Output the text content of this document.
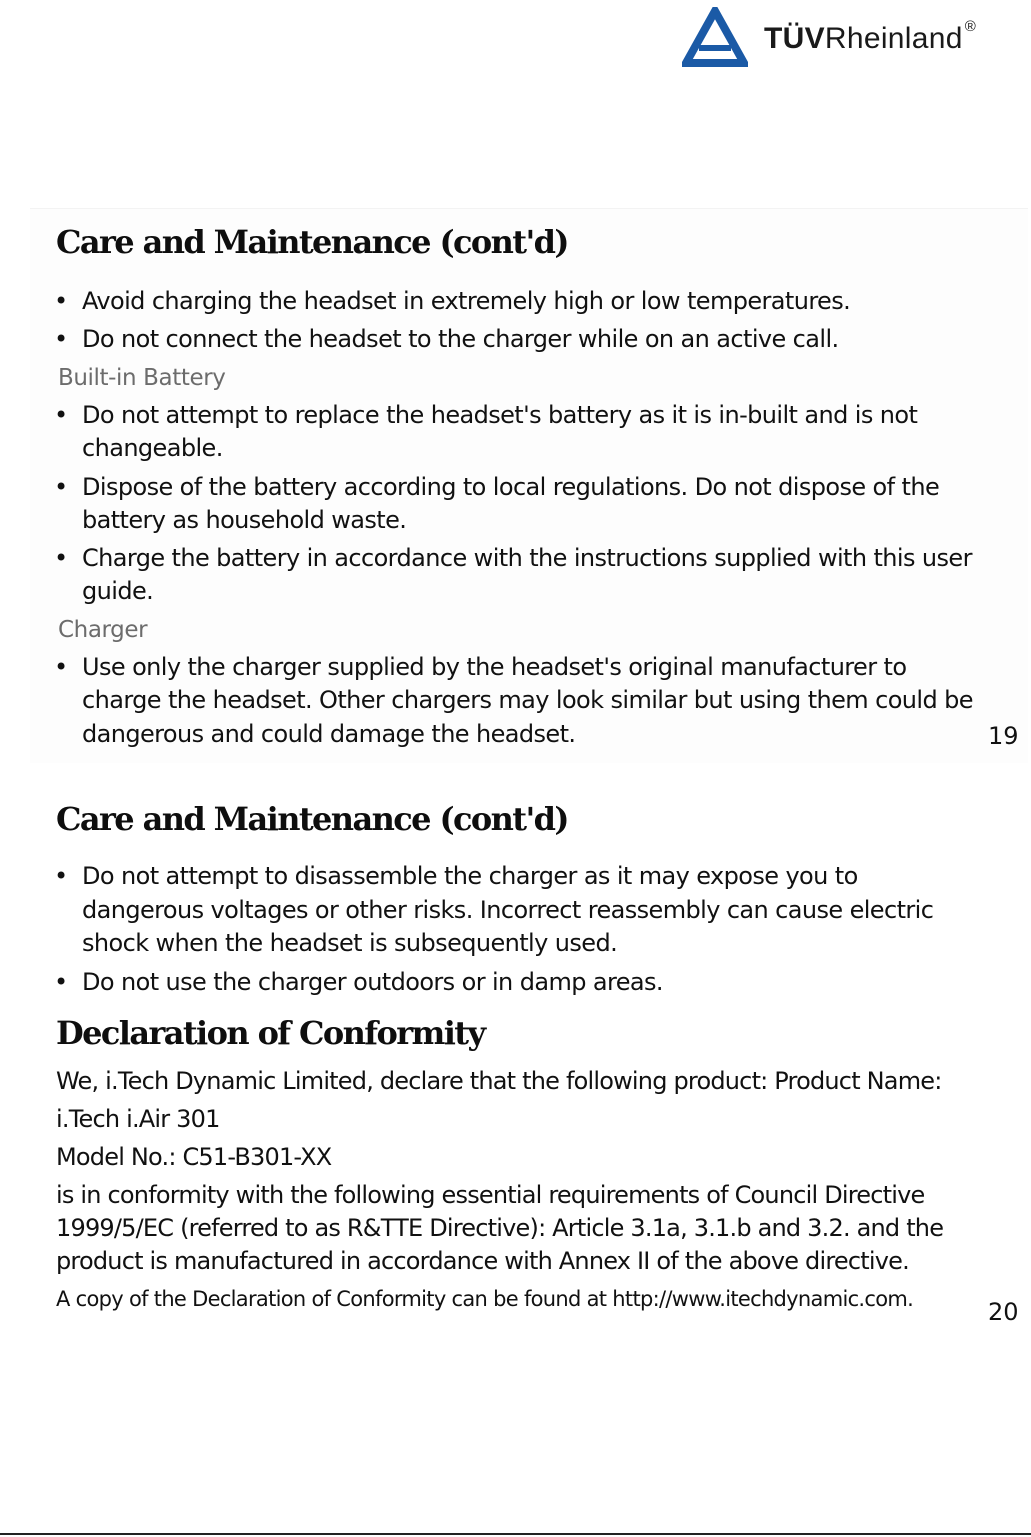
TÜVRheinland ®
Care and Maintenance (cont'd)
• Avoid charging the headset in extremely high or low temperatures.
• Do not connect the headset to the charger while on an active call.
Built-in Battery
• Do not attempt to replace the headset's battery as it is in-built and is not
changeable.
• Dispose of the battery according to local regulations. Do not dispose of the
battery as household waste.
• Charge the battery in accordance with the instructions supplied with this user
guide.
Charger
• Use only the charger supplied by the headset's original manufacturer to
charge the headset. Other chargers may look similar but using them could be
dangerous and could damage the headset.	19
Care and Maintenance (cont'd)
• Do not attempt to disassemble the charger as it may expose you to
dangerous voltages or other risks. Incorrect reassembly can cause electric
shock when the headset is subsequently used.
• Do not use the charger outdoors or in damp areas.
Declaration of Conformity
We, i.Tech Dynamic Limited, declare that the following product: Product Name:
i.Tech i.Air 301
Model No.: C51-B301-XX
is in conformity with the following essential requirements of Council Directive
1999/5/EC (referred to as R&TTE Directive): Article 3.1a, 3.1.b and 3.2. and the
product is manufactured in accordance with Annex II of the above directive.
A copy of the Declaration of Conformity can be found at http://www.itechdynamic.com.	20
